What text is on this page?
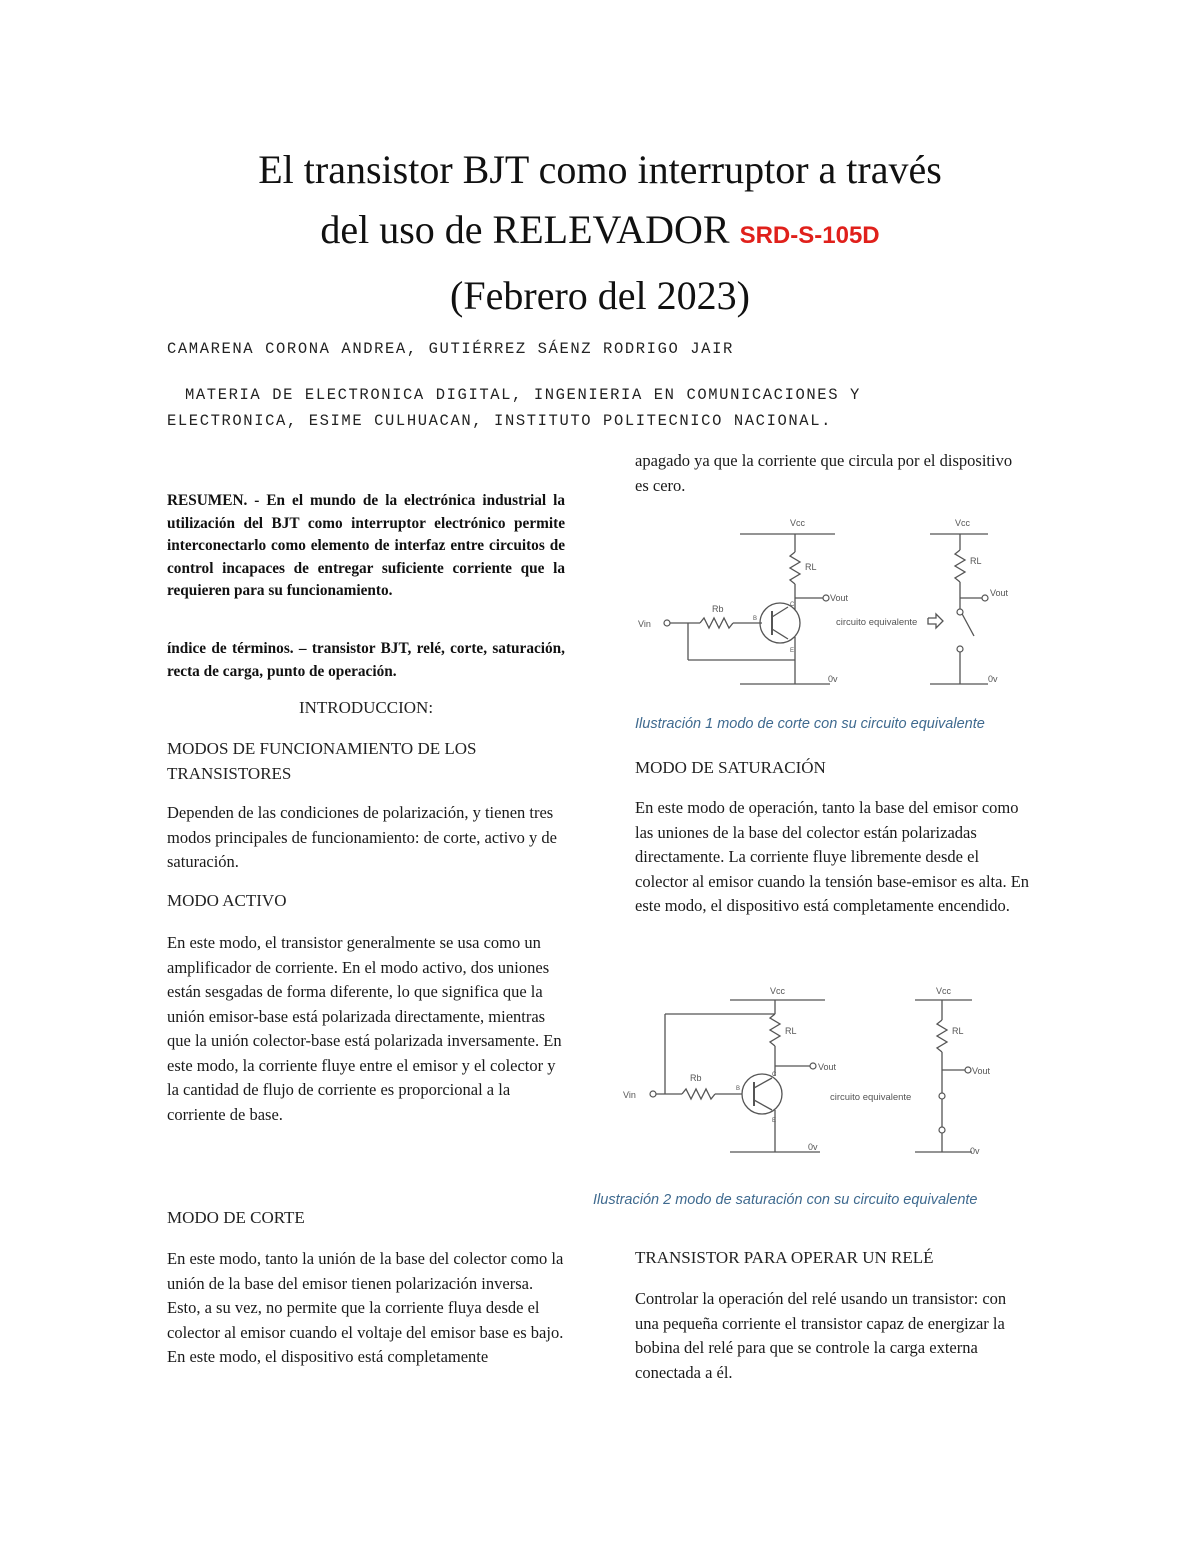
El transistor BJT como interruptor a través
del uso de RELEVADOR SRD-S-105D
(Febrero del 2023)
CAMARENA CORONA ANDREA, GUTIÉRREZ SÁENZ RODRIGO JAIR
MATERIA DE ELECTRONICA DIGITAL, INGENIERIA EN COMUNICACIONES Y
ELECTRONICA, ESIME CULHUACAN, INSTITUTO POLITECNICO NACIONAL.
RESUMEN. - En el mundo de la electrónica industrial la utilización del BJT como interruptor electrónico permite interconectarlo como elemento de interfaz entre circuitos de control incapaces de entregar suficiente corriente que la requieren para su funcionamiento.
índice de términos. – transistor BJT, relé, corte, saturación, recta de carga, punto de operación.
INTRODUCCION:
MODOS DE FUNCIONAMIENTO DE LOS TRANSISTORES
Dependen de las condiciones de polarización, y tienen tres modos principales de funcionamiento: de corte, activo y de saturación.
MODO ACTIVO
En este modo, el transistor generalmente se usa como un amplificador de corriente. En el modo activo, dos uniones están sesgadas de forma diferente, lo que significa que la unión emisor-base está polarizada directamente, mientras que la unión colector-base está polarizada inversamente. En este modo, la corriente fluye entre el emisor y el colector y la cantidad de flujo de corriente es proporcional a la corriente de base.
MODO DE CORTE
En este modo, tanto la unión de la base del colector como la unión de la base del emisor tienen polarización inversa. Esto, a su vez, no permite que la corriente fluya desde el colector al emisor cuando el voltaje del emisor base es bajo. En este modo, el dispositivo está completamente
apagado ya que la corriente que circula por el dispositivo es cero.
Vcc
RL
Vout
Rb
Vin	B
C
E
0v
circuito equivalente
Vcc
RL
Vout
0v
Ilustración 1 modo de corte con su circuito equivalente
MODO DE SATURACIÓN
En este modo de operación, tanto la base del emisor como las uniones de la base del colector están polarizadas directamente. La corriente fluye libremente desde el colector al emisor cuando la tensión base-emisor es alta. En este modo, el dispositivo está completamente encendido.
Vcc
RL
Vout
Rb
Vin
B
C
E
0v
circuito equivalente
Vcc
RL
Vout
0v
Ilustración 2 modo de saturación con su circuito equivalente
TRANSISTOR PARA OPERAR UN RELÉ
Controlar la operación del relé usando un transistor: con una pequeña corriente el transistor capaz de energizar la bobina del relé para que se controle la carga externa conectada a él.
